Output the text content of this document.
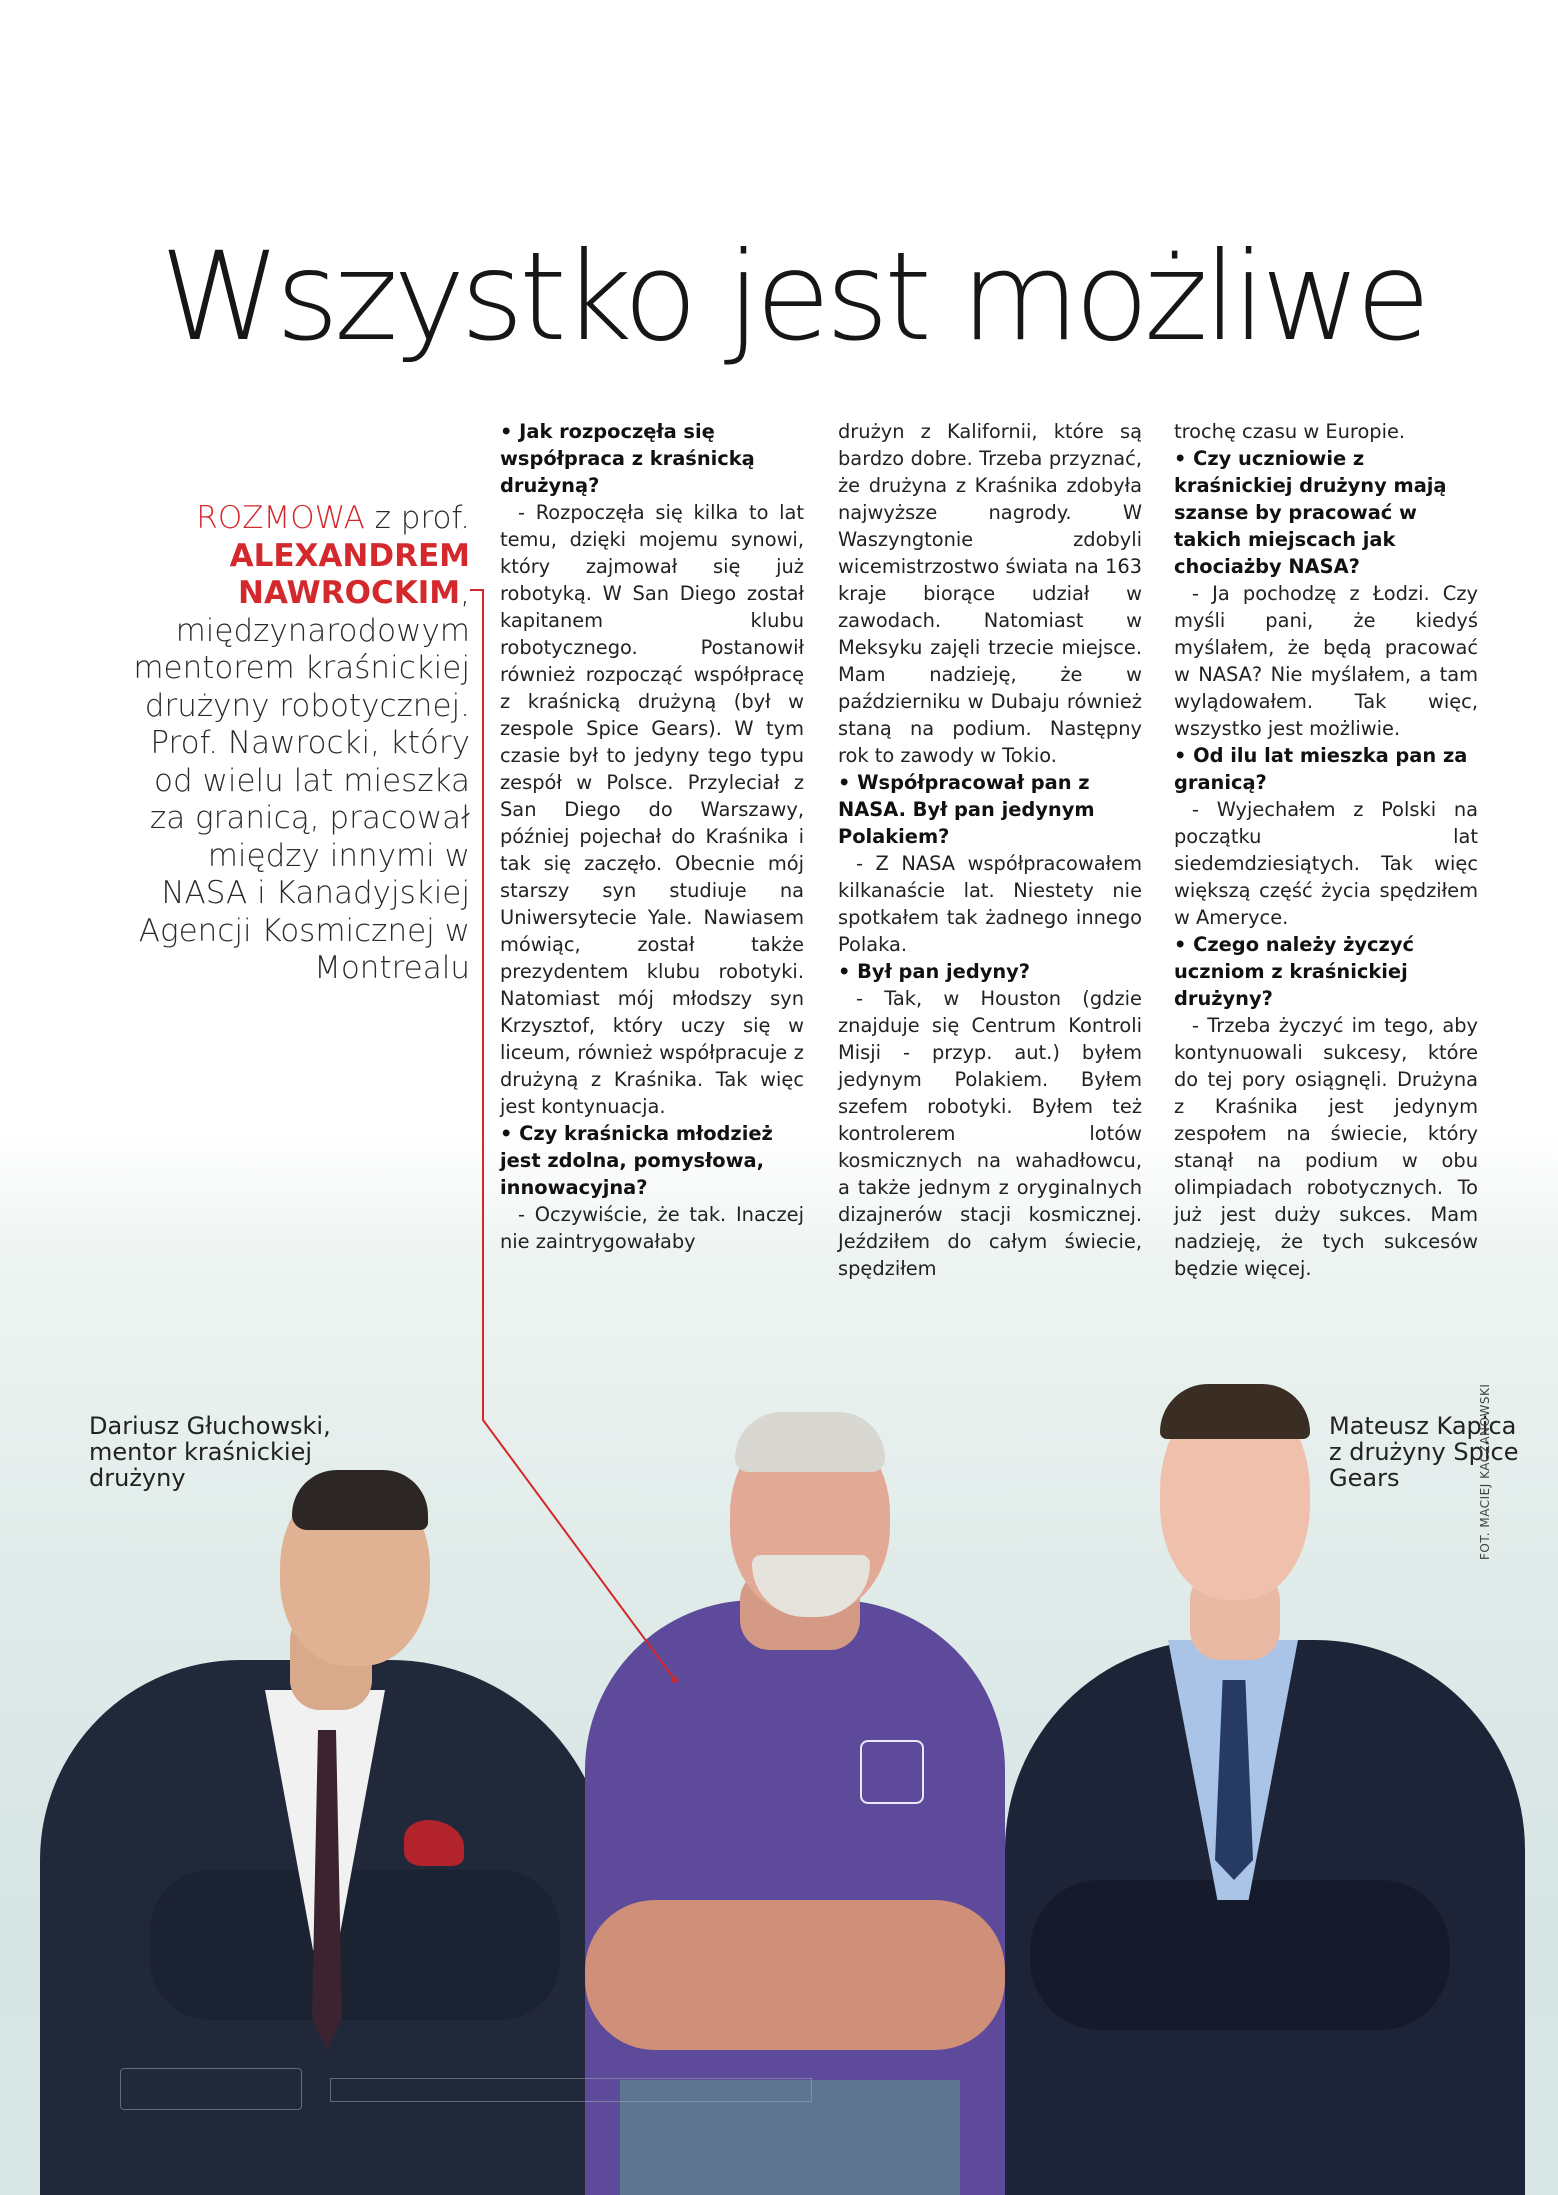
Wszystko jest możliwe
ROZMOWA z prof.
ALEXANDREM
NAWROCKIM, międzynarodowym mentorem kraśnickiej drużyny robotycznej. Prof. Nawrocki, który od wielu lat mieszka za granicą, pracował między innymi w NASA i Kanadyjskiej Agencji Kosmicznej w Montrealu

• Jak rozpoczęła się współpraca z kraśnicką drużyną?

- Rozpoczęła się kilka to lat temu, dzięki mojemu synowi, który zajmował się już robotyką. W San Diego został kapitanem klubu robotycznego. Postanowił również rozpocząć współpracę z kraśnicką drużyną (był w zespole Spice Gears). W tym czasie był to jedyny tego typu zespół w Polsce. Przyleciał z San Diego do Warszawy, później pojechał do Kraśnika i tak się zaczęło. Obecnie mój starszy syn studiuje na Uniwersytecie Yale. Nawiasem mówiąc, został także prezydentem klubu robotyki. Natomiast mój młodszy syn Krzysztof, który uczy się w liceum, również współpracuje z drużyną z Kraśnika. Tak więc jest kontynuacja.

• Czy kraśnicka młodzież jest zdolna, pomysłowa, innowacyjna?

- Oczywiście, że tak. Inaczej nie zaintrygowałaby

drużyn z Kalifornii, które są bardzo dobre. Trzeba przyznać, że drużyna z Kraśnika zdobyła najwyższe nagrody. W Waszyngtonie zdobyli wicemistrzostwo świata na 163 kraje biorące udział w zawodach. Natomiast w Meksyku zajęli trzecie miejsce. Mam nadzieję, że w październiku w Dubaju również staną na podium. Następny rok to zawody w Tokio.

• Współpracował pan z NASA. Był pan jedynym Polakiem?

- Z NASA współpracowałem kilkanaście lat. Niestety nie spotkałem tak żadnego innego Polaka.

• Był pan jedyny?

- Tak, w Houston (gdzie znajduje się Centrum Kontroli Misji - przyp. aut.) byłem jedynym Polakiem. Byłem szefem robotyki. Byłem też kontrolerem lotów kosmicznych na wahadłowcu, a także jednym z oryginalnych dizajnerów stacji kosmicznej. Jeździłem do całym świecie, spędziłem

trochę czasu w Europie.

• Czy uczniowie z kraśnickiej drużyny mają szanse by pracować w takich miejscach jak chociażby NASA?

- Ja pochodzę z Łodzi. Czy myśli pani, że kiedyś myślałem, że będą pracować w NASA? Nie myślałem, a tam wylądowałem. Tak więc, wszystko jest możliwie.

• Od ilu lat mieszka pan za granicą?

- Wyjechałem z Polski na początku lat siedemdziesiątych. Tak więc większą część życia spędziłem w Ameryce.

• Czego należy życzyć uczniom z kraśnickiej drużyny?

- Trzeba życzyć im tego, aby kontynuowali sukcesy, które do tej pory osiągnęli. Drużyna z Kraśnika jest jedynym zespołem na świecie, który stanął na podium w obu olimpiadach robotycznych. To już jest duży sukces. Mam nadzieję, że tych sukcesów będzie więcej.

Dariusz Głuchowski, mentor kraśnickiej drużyny
Mateusz Kapica z drużyny Spice Gears	FOT. MACIEJ KACZANOWSKI
